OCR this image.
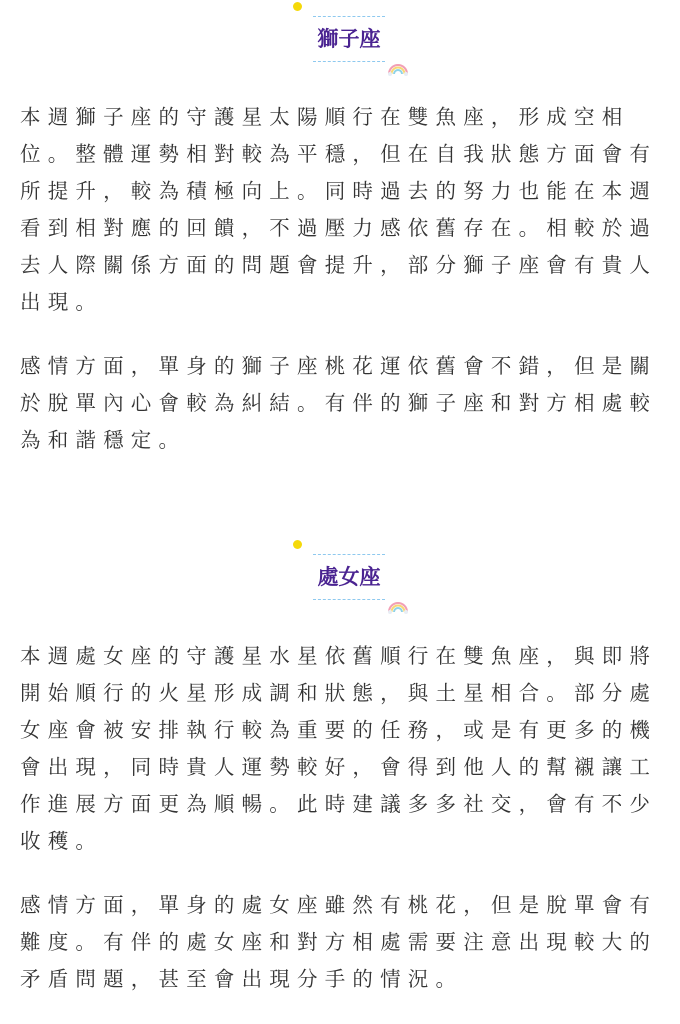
獅子座

本週獅子座的守護星太陽順行在雙魚座，形成空相位。整體運勢相對較為平穩，但在自我狀態方面會有所提升，較為積極向上。同時過去的努力也能在本週看到相對應的回饋，不過壓力感依舊存在。相較於過去人際關係方面的問題會提升，部分獅子座會有貴人出現。

感情方面，單身的獅子座桃花運依舊會不錯，但是關於脫單內心會較為糾結。有伴的獅子座和對方相處較為和諧穩定。

處女座

本週處女座的守護星水星依舊順行在雙魚座，與即將開始順行的火星形成調和狀態，與土星相合。部分處女座會被安排執行較為重要的任務，或是有更多的機會出現，同時貴人運勢較好，會得到他人的幫襯讓工作進展方面更為順暢。此時建議多多社交，會有不少收穫。

感情方面，單身的處女座雖然有桃花，但是脫單會有難度。有伴的處女座和對方相處需要注意出現較大的矛盾問題，甚至會出現分手的情況。
